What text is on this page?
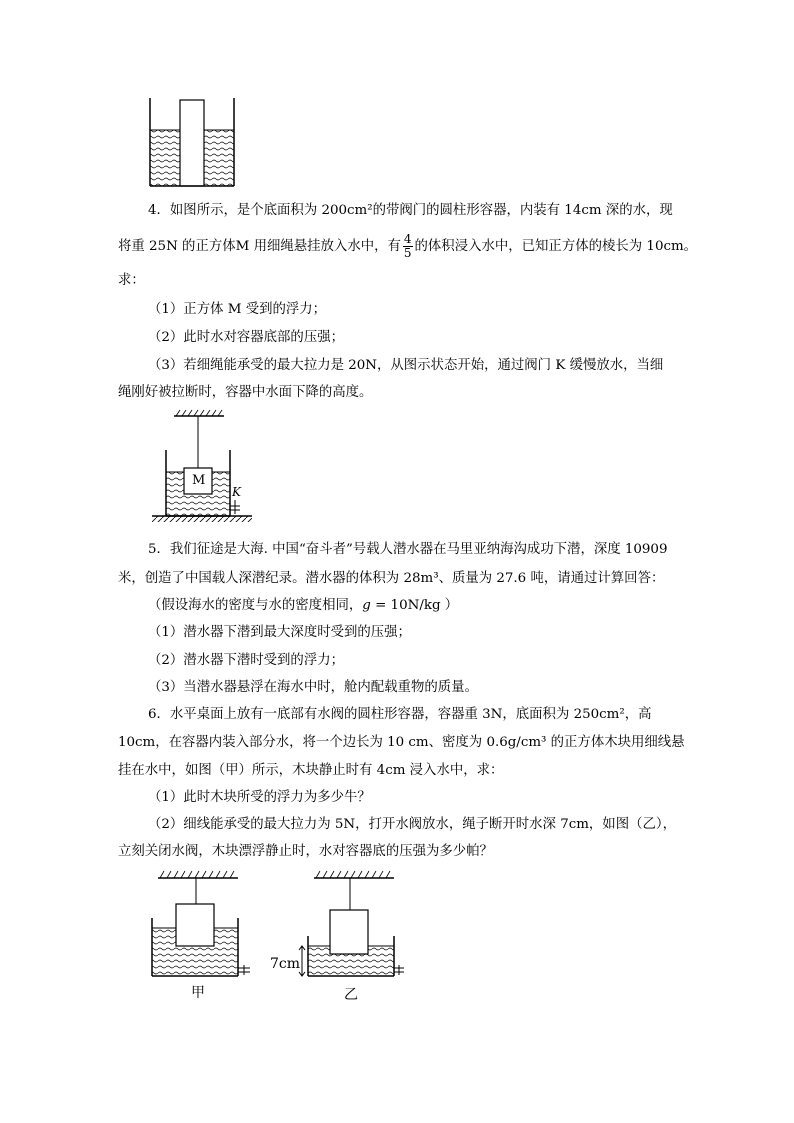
4．如图所示，是个底面积为 200cm²的带阀门的圆柱形容器，内装有 14cm 深的水，现
将重 25N 的正方体M 用细绳悬挂放入水中，有 $\frac{4}{5}$ 的体积浸入水中，已知正方体的棱长为 10cm。
求：
（1）正方体 M 受到的浮力；
（2）此时水对容器底部的压强；
（3）若细绳能承受的最大拉力是 20N，从图示状态开始，通过阀门 K 缓慢放水，当细
绳刚好被拉断时，容器中水面下降的高度。
M
K
5．我们征途是大海. 中国“奋斗者”号载人潜水器在马里亚纳海沟成功下潜，深度 10909
米，创造了中国载人深潜纪录。潜水器的体积为 28m³、质量为 27.6 吨，请通过计算回答：
（假设海水的密度与水的密度相同，g = 10N/kg ）
（1）潜水器下潜到最大深度时受到的压强；
（2）潜水器下潜时受到的浮力；
（3）当潜水器悬浮在海水中时，舱内配载重物的质量。
6．水平桌面上放有一底部有水阀的圆柱形容器，容器重 3N，底面积为 250cm²，高
10cm，在容器内装入部分水，将一个边长为 10 cm、密度为 0.6g/cm³ 的正方体木块用细线悬
挂在水中，如图（甲）所示，木块静止时有 4cm 浸入水中，求：
（1）此时木块所受的浮力为多少牛？
（2）细线能承受的最大拉力为 5N，打开水阀放水，绳子断开时水深 7cm，如图（乙），
立刻关闭水阀，木块漂浮静止时，水对容器底的压强为多少帕？
甲
7cm
乙
